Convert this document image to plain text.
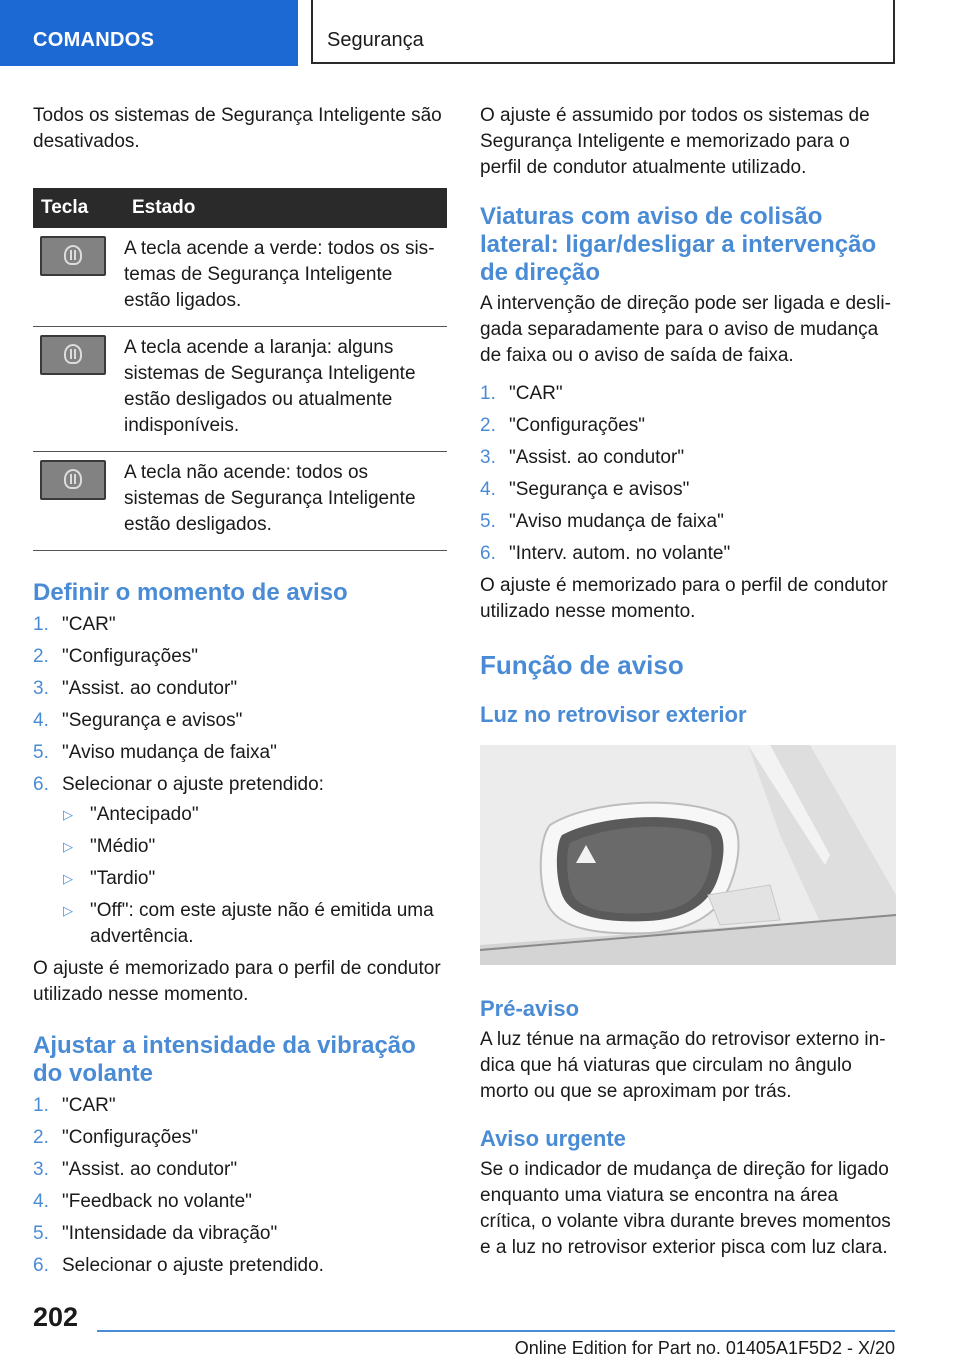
COMANDOS	Segurança

Todos os sistemas de Segurança Inteligente são desativados.

Tecla	Estado

	A tecla acende a verde: todos os sistemas de Segurança Inteligente estão ligados.

	A tecla acende a laranja: alguns sistemas de Segurança Inteligente estão desligados ou atualmente indisponíveis.

	A tecla não acende: todos os sistemas de Segurança Inteligente estão desligados.
Definir o momento de aviso
1. "CAR"
2. "Configurações"
3. "Assist. ao condutor"
4. "Segurança e avisos"
5. "Aviso mudança de faixa"
6. Selecionar o ajuste pretendido:
▷ "Antecipado"
▷ "Médio"
▷ "Tardio"
▷ "Off": com este ajuste não é emitida uma advertência.

O ajuste é memorizado para o perfil de condutor utilizado nesse momento.

Ajustar a intensidade da vibração do volante
1. "CAR"
2. "Configurações"
3. "Assist. ao condutor"
4. "Feedback no volante"
5. "Intensidade da vibração"
6. Selecionar o ajuste pretendido.

O ajuste é assumido por todos os sistemas de Segurança Inteligente e memorizado para o perfil de condutor atualmente utilizado.

Viaturas com aviso de colisão lateral: ligar/desligar a intervenção de direção

A intervenção de direção pode ser ligada e desligada separadamente para o aviso de mudança de faixa ou o aviso de saída de faixa.

1. "CAR"
2. "Configurações"
3. "Assist. ao condutor"
4. "Segurança e avisos"
5. "Aviso mudança de faixa"
6. "Interv. autom. no volante"

O ajuste é memorizado para o perfil de condutor utilizado nesse momento.

Função de aviso
Luz no retrovisor exterior
Pré-aviso

A luz ténue na armação do retrovisor externo indica que há viaturas que circulam no ângulo morto ou que se aproximam por trás.

Aviso urgente

Se o indicador de mudança de direção for ligado enquanto uma viatura se encontra na área crítica, o volante vibra durante breves momentos e a luz no retrovisor exterior pisca com luz clara.

202
Online Edition for Part no. 01405A1F5D2 - X/20
